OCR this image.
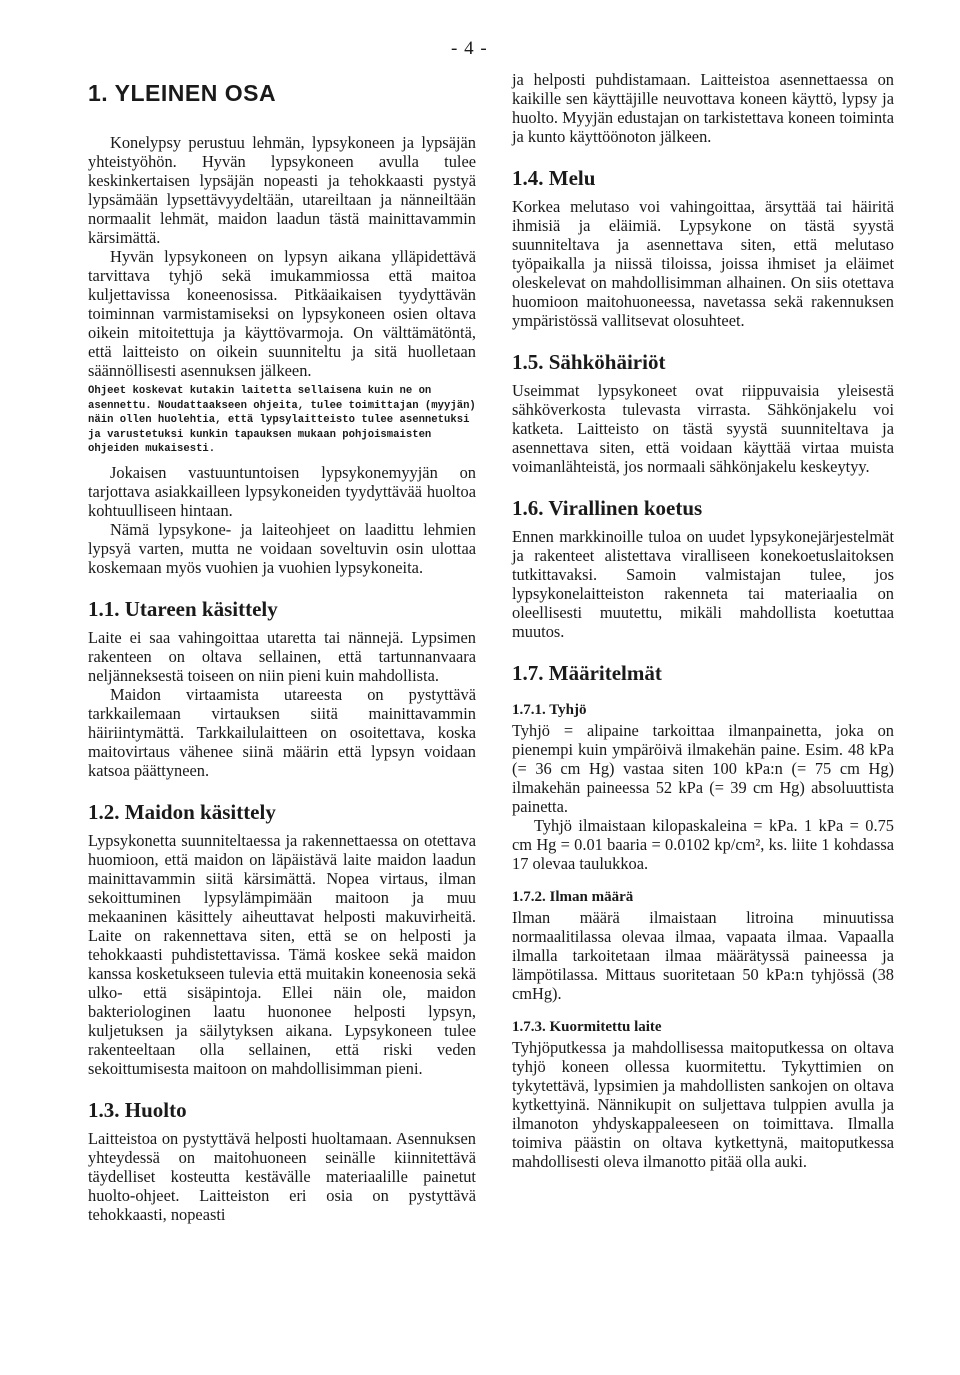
- 4 -
1. YLEINEN OSA

Konelypsy perustuu lehmän, lypsykoneen ja lypsäjän yhteistyöhön. Hyvän lypsykoneen avulla tulee keskinkertaisen lypsäjän nopeasti ja tehokkaasti pystyä lypsämään lypsettävyydeltään, utareiltaan ja nänneiltään normaalit lehmät, maidon laadun tästä mainittavammin kärsimättä.

Hyvän lypsykoneen on lypsyn aikana ylläpidettävä tarvittava tyhjö sekä imukammiossa että maitoa kuljettavissa koneenosissa. Pitkäaikaisen tyydyttävän toiminnan varmistamiseksi on lypsykoneen osien oltava oikein mitoitettuja ja käyttövarmoja. On välttämätöntä, että laitteisto on oikein suunniteltu ja sitä huolletaan säännöllisesti asennuksen jälkeen.

Ohjeet koskevat kutakin laitetta sellaisena kuin ne on asennettu. Noudattaakseen ohjeita, tulee toimittajan (myyjän) näin ollen huolehtia, että lypsylaitteisto tulee asennetuksi ja varustetuksi kunkin tapauksen mukaan pohjoismaisten ohjeiden mukaisesti.

Jokaisen vastuuntuntoisen lypsykonemyyjän on tarjottava asiakkailleen lypsykoneiden tyydyttävää huoltoa kohtuulliseen hintaan.

Nämä lypsykone- ja laiteohjeet on laadittu lehmien lypsyä varten, mutta ne voidaan soveltuvin osin ulottaa koskemaan myös vuohien ja vuohien lypsykoneita.

1.1. Utareen käsittely

Laite ei saa vahingoittaa utaretta tai nännejä. Lypsimen rakenteen on oltava sellainen, että tartunnanvaara neljänneksestä toiseen on niin pieni kuin mahdollista.

Maidon virtaamista utareesta on pystyttävä tarkkailemaan virtauksen siitä mainittavammin häiriintymättä. Tarkkailulaitteen on osoitettava, koska maitovirtaus vähenee siinä määrin että lypsyn voidaan katsoa päättyneen.

1.2. Maidon käsittely

Lypsykonetta suunniteltaessa ja rakennettaessa on otettava huomioon, että maidon on läpäistävä laite maidon laadun mainittavammin siitä kärsimättä. Nopea virtaus, ilman sekoittuminen lypsylämpimään maitoon ja muu mekaaninen käsittely aiheuttavat helposti makuvirheitä. Laite on rakennettava siten, että se on helposti ja tehokkaasti puhdistettavissa. Tämä koskee sekä maidon kanssa kosketukseen tulevia että muitakin koneenosia sekä ulko- että sisäpintoja. Ellei näin ole, maidon bakteriologinen laatu huononee helposti lypsyn, kuljetuksen ja säilytyksen aikana. Lypsykoneen tulee rakenteeltaan olla sellainen, että riski veden sekoittumisesta maitoon on mahdollisimman pieni.

1.3. Huolto

Laitteistoa on pystyttävä helposti huoltamaan. Asennuksen yhteydessä on maitohuoneen seinälle kiinnitettävä täydelliset kosteutta kestävälle materiaalille painetut huolto-ohjeet. Laitteiston eri osia on pystyttävä tehokkaasti, nopeasti

ja helposti puhdistamaan. Laitteistoa asennettaessa on kaikille sen käyttäjille neuvottava koneen käyttö, lypsy ja huolto. Myyjän edustajan on tarkistettava koneen toiminta ja kunto käyttöönoton jälkeen.

1.4. Melu

Korkea melutaso voi vahingoittaa, ärsyttää tai häiritä ihmisiä ja eläimiä. Lypsykone on tästä syystä suunniteltava ja asennettava siten, että melutaso työpaikalla ja niissä tiloissa, joissa ihmiset ja eläimet oleskelevat on mahdollisimman alhainen. On siis otettava huomioon maitohuoneessa, navetassa sekä rakennuksen ympäristössä vallitsevat olosuhteet.

1.5. Sähköhäiriöt

Useimmat lypsykoneet ovat riippuvaisia yleisestä sähköverkosta tulevasta virrasta. Sähkönjakelu voi katketa. Laitteisto on tästä syystä suunniteltava ja asennettava siten, että voidaan käyttää virtaa muista voimanlähteistä, jos normaali sähkönjakelu keskeytyy.

1.6. Virallinen koetus

Ennen markkinoille tuloa on uudet lypsykonejärjestelmät ja rakenteet alistettava viralliseen konekoetuslaitoksen tutkittavaksi. Samoin valmistajan tulee, jos lypsykonelaitteiston rakenneta tai materiaalia on oleellisesti muutettu, mikäli mahdollista koetuttaa muutos.

1.7. Määritelmät
1.7.1. Tyhjö

Tyhjö = alipaine tarkoittaa ilmanpainetta, joka on pienempi kuin ympäröivä ilmakehän paine. Esim. 48 kPa (= 36 cm Hg) vastaa siten 100 kPa:n (= 75 cm Hg) ilmakehän paineessa 52 kPa (= 39 cm Hg) absoluuttista painetta.

Tyhjö ilmaistaan kilopaskaleina = kPa. 1 kPa = 0.75 cm Hg = 0.01 baaria = 0.0102 kp/cm², ks. liite 1 kohdassa 17 olevaa taulukkoa.

1.7.2. Ilman määrä

Ilman määrä ilmaistaan litroina minuutissa normaalitilassa olevaa ilmaa, vapaata ilmaa. Vapaalla ilmalla tarkoitetaan ilmaa määrätyssä paineessa ja lämpötilassa. Mittaus suoritetaan 50 kPa:n tyhjössä (38 cmHg).

1.7.3. Kuormitettu laite

Tyhjöputkessa ja mahdollisessa maitoputkessa on oltava tyhjö koneen ollessa kuormitettu. Tykyttimien on tykytettävä, lypsimien ja mahdollisten sankojen on oltava kytkettyinä. Nännikupit on suljettava tulppien avulla ja ilmanoton yhdyskappaleeseen on toimittava. Ilmalla toimiva päästin on oltava kytkettynä, maitoputkessa mahdollisesti oleva ilmanotto pitää olla auki.
